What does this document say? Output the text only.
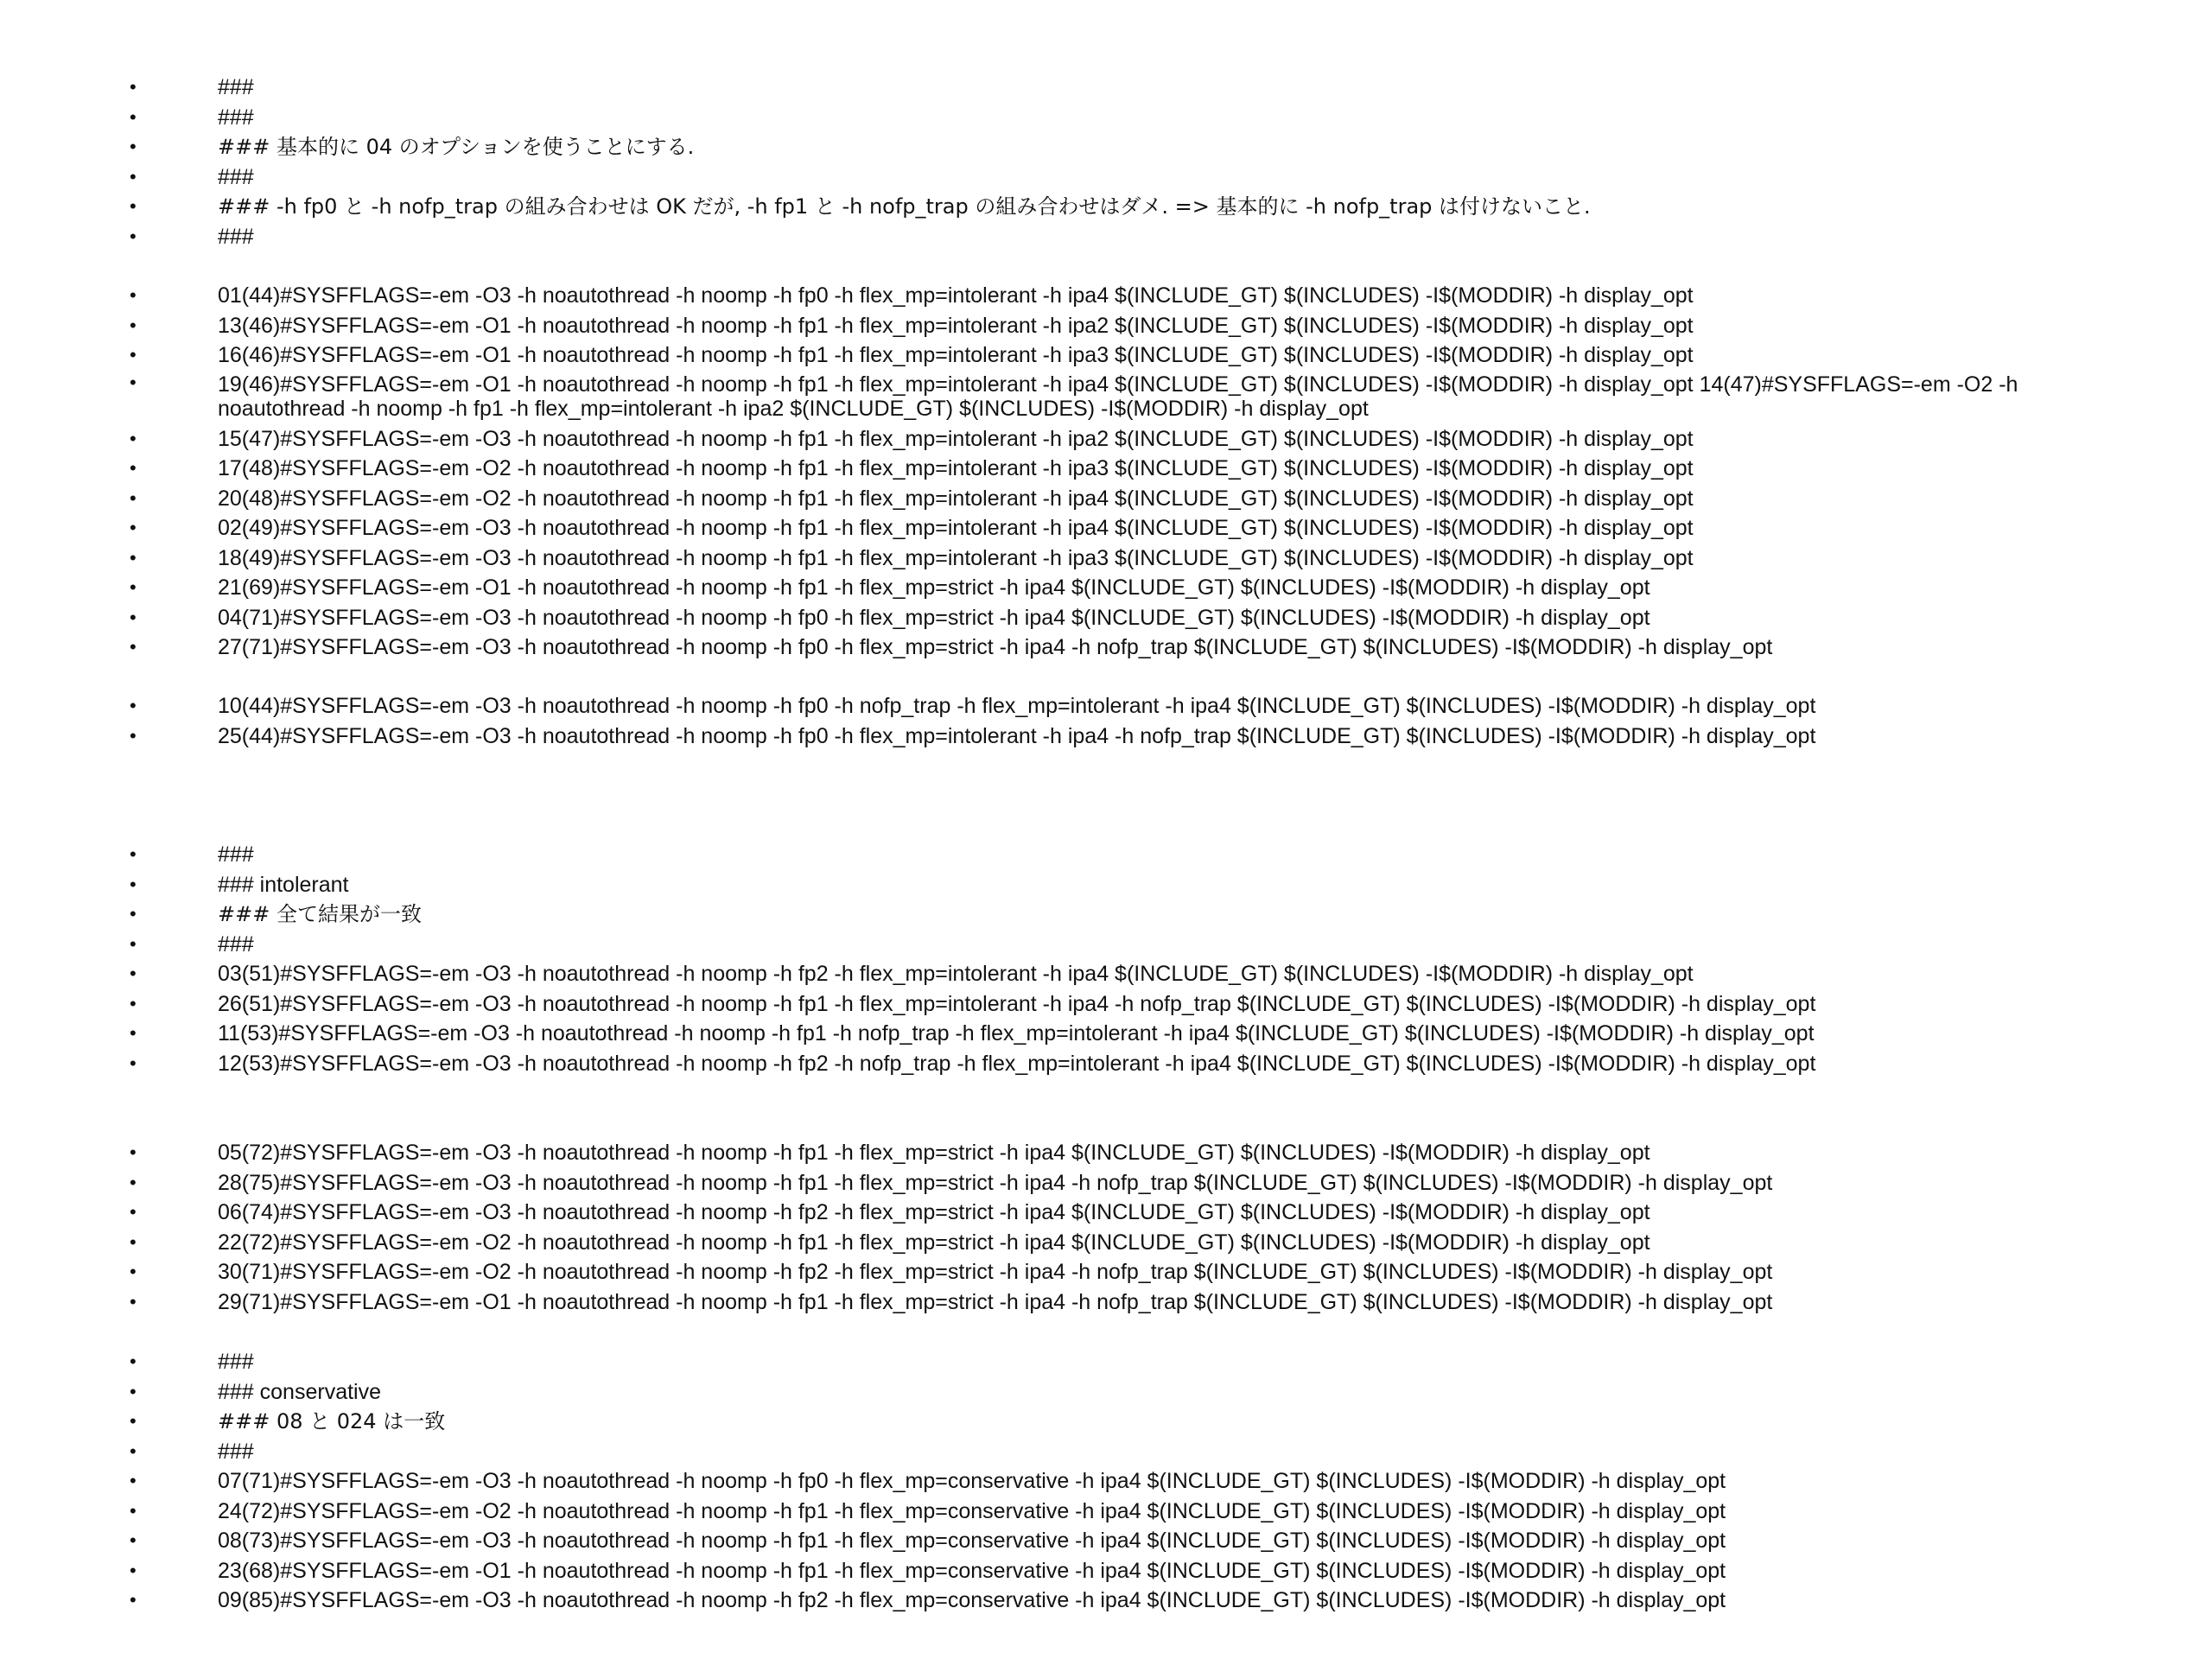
•	###
•	###
•	### 基本的に 04 のオプションを使うことにする.
•	###
•	### -h fp0 と -h nofp_trap の組み合わせは OK だが, -h fp1 と -h nofp_trap の組み合わせはダメ. => 基本的に -h nofp_trap は付けないこと.
•	###
•	01(44)#SYSFFLAGS=-em -O3 -h noautothread -h noomp -h fp0 -h flex_mp=intolerant -h ipa4 $(INCLUDE_GT) $(INCLUDES) -I$(MODDIR) -h display_opt
•	13(46)#SYSFFLAGS=-em -O1 -h noautothread -h noomp -h fp1 -h flex_mp=intolerant -h ipa2 $(INCLUDE_GT) $(INCLUDES) -I$(MODDIR) -h display_opt
•	16(46)#SYSFFLAGS=-em -O1 -h noautothread -h noomp -h fp1 -h flex_mp=intolerant -h ipa3 $(INCLUDE_GT) $(INCLUDES) -I$(MODDIR) -h display_opt
•	19(46)#SYSFFLAGS=-em -O1 -h noautothread -h noomp -h fp1 -h flex_mp=intolerant -h ipa4 $(INCLUDE_GT) $(INCLUDES) -I$(MODDIR) -h display_opt 14(47)#SYSFFLAGS=-em -O2 -h noautothread -h noomp -h fp1 -h flex_mp=intolerant -h ipa2 $(INCLUDE_GT) $(INCLUDES) -I$(MODDIR) -h display_opt
•	15(47)#SYSFFLAGS=-em -O3 -h noautothread -h noomp -h fp1 -h flex_mp=intolerant -h ipa2 $(INCLUDE_GT) $(INCLUDES) -I$(MODDIR) -h display_opt
•	17(48)#SYSFFLAGS=-em -O2 -h noautothread -h noomp -h fp1 -h flex_mp=intolerant -h ipa3 $(INCLUDE_GT) $(INCLUDES) -I$(MODDIR) -h display_opt
•	20(48)#SYSFFLAGS=-em -O2 -h noautothread -h noomp -h fp1 -h flex_mp=intolerant -h ipa4 $(INCLUDE_GT) $(INCLUDES) -I$(MODDIR) -h display_opt
•	02(49)#SYSFFLAGS=-em -O3 -h noautothread -h noomp -h fp1 -h flex_mp=intolerant -h ipa4 $(INCLUDE_GT) $(INCLUDES) -I$(MODDIR) -h display_opt
•	18(49)#SYSFFLAGS=-em -O3 -h noautothread -h noomp -h fp1 -h flex_mp=intolerant -h ipa3 $(INCLUDE_GT) $(INCLUDES) -I$(MODDIR) -h display_opt
•	21(69)#SYSFFLAGS=-em -O1 -h noautothread -h noomp -h fp1 -h flex_mp=strict -h ipa4 $(INCLUDE_GT) $(INCLUDES) -I$(MODDIR) -h display_opt
•	04(71)#SYSFFLAGS=-em -O3 -h noautothread -h noomp -h fp0 -h flex_mp=strict -h ipa4 $(INCLUDE_GT) $(INCLUDES) -I$(MODDIR) -h display_opt
•	27(71)#SYSFFLAGS=-em -O3 -h noautothread -h noomp -h fp0 -h flex_mp=strict -h ipa4 -h nofp_trap $(INCLUDE_GT) $(INCLUDES) -I$(MODDIR) -h display_opt
•	10(44)#SYSFFLAGS=-em -O3 -h noautothread -h noomp -h fp0 -h nofp_trap -h flex_mp=intolerant -h ipa4 $(INCLUDE_GT) $(INCLUDES) -I$(MODDIR) -h display_opt
•	25(44)#SYSFFLAGS=-em -O3 -h noautothread -h noomp -h fp0 -h flex_mp=intolerant -h ipa4 -h nofp_trap $(INCLUDE_GT) $(INCLUDES) -I$(MODDIR) -h display_opt
•	###
•	### intolerant
•	### 全て結果が一致
•	###
•	03(51)#SYSFFLAGS=-em -O3 -h noautothread -h noomp -h fp2 -h flex_mp=intolerant -h ipa4 $(INCLUDE_GT) $(INCLUDES) -I$(MODDIR) -h display_opt
•	26(51)#SYSFFLAGS=-em -O3 -h noautothread -h noomp -h fp1 -h flex_mp=intolerant -h ipa4 -h nofp_trap $(INCLUDE_GT) $(INCLUDES) -I$(MODDIR) -h display_opt
•	11(53)#SYSFFLAGS=-em -O3 -h noautothread -h noomp -h fp1 -h nofp_trap -h flex_mp=intolerant -h ipa4 $(INCLUDE_GT) $(INCLUDES) -I$(MODDIR) -h display_opt
•	12(53)#SYSFFLAGS=-em -O3 -h noautothread -h noomp -h fp2 -h nofp_trap -h flex_mp=intolerant -h ipa4 $(INCLUDE_GT) $(INCLUDES) -I$(MODDIR) -h display_opt
•	05(72)#SYSFFLAGS=-em -O3 -h noautothread -h noomp -h fp1 -h flex_mp=strict -h ipa4 $(INCLUDE_GT) $(INCLUDES) -I$(MODDIR) -h display_opt
•	28(75)#SYSFFLAGS=-em -O3 -h noautothread -h noomp -h fp1 -h flex_mp=strict -h ipa4 -h nofp_trap $(INCLUDE_GT) $(INCLUDES) -I$(MODDIR) -h display_opt
•	06(74)#SYSFFLAGS=-em -O3 -h noautothread -h noomp -h fp2 -h flex_mp=strict -h ipa4 $(INCLUDE_GT) $(INCLUDES) -I$(MODDIR) -h display_opt
•	22(72)#SYSFFLAGS=-em -O2 -h noautothread -h noomp -h fp1 -h flex_mp=strict -h ipa4 $(INCLUDE_GT) $(INCLUDES) -I$(MODDIR) -h display_opt
•	30(71)#SYSFFLAGS=-em -O2 -h noautothread -h noomp -h fp2 -h flex_mp=strict -h ipa4 -h nofp_trap $(INCLUDE_GT) $(INCLUDES) -I$(MODDIR) -h display_opt
•	29(71)#SYSFFLAGS=-em -O1 -h noautothread -h noomp -h fp1 -h flex_mp=strict -h ipa4 -h nofp_trap $(INCLUDE_GT) $(INCLUDES) -I$(MODDIR) -h display_opt
•	###
•	### conservative
•	### 08 と 024 は一致
•	###
•	07(71)#SYSFFLAGS=-em -O3 -h noautothread -h noomp -h fp0 -h flex_mp=conservative -h ipa4 $(INCLUDE_GT) $(INCLUDES) -I$(MODDIR) -h display_opt
•	24(72)#SYSFFLAGS=-em -O2 -h noautothread -h noomp -h fp1 -h flex_mp=conservative -h ipa4 $(INCLUDE_GT) $(INCLUDES) -I$(MODDIR) -h display_opt
•	08(73)#SYSFFLAGS=-em -O3 -h noautothread -h noomp -h fp1 -h flex_mp=conservative -h ipa4 $(INCLUDE_GT) $(INCLUDES) -I$(MODDIR) -h display_opt
•	23(68)#SYSFFLAGS=-em -O1 -h noautothread -h noomp -h fp1 -h flex_mp=conservative -h ipa4 $(INCLUDE_GT) $(INCLUDES) -I$(MODDIR) -h display_opt
•	09(85)#SYSFFLAGS=-em -O3 -h noautothread -h noomp -h fp2 -h flex_mp=conservative -h ipa4 $(INCLUDE_GT) $(INCLUDES) -I$(MODDIR) -h display_opt
